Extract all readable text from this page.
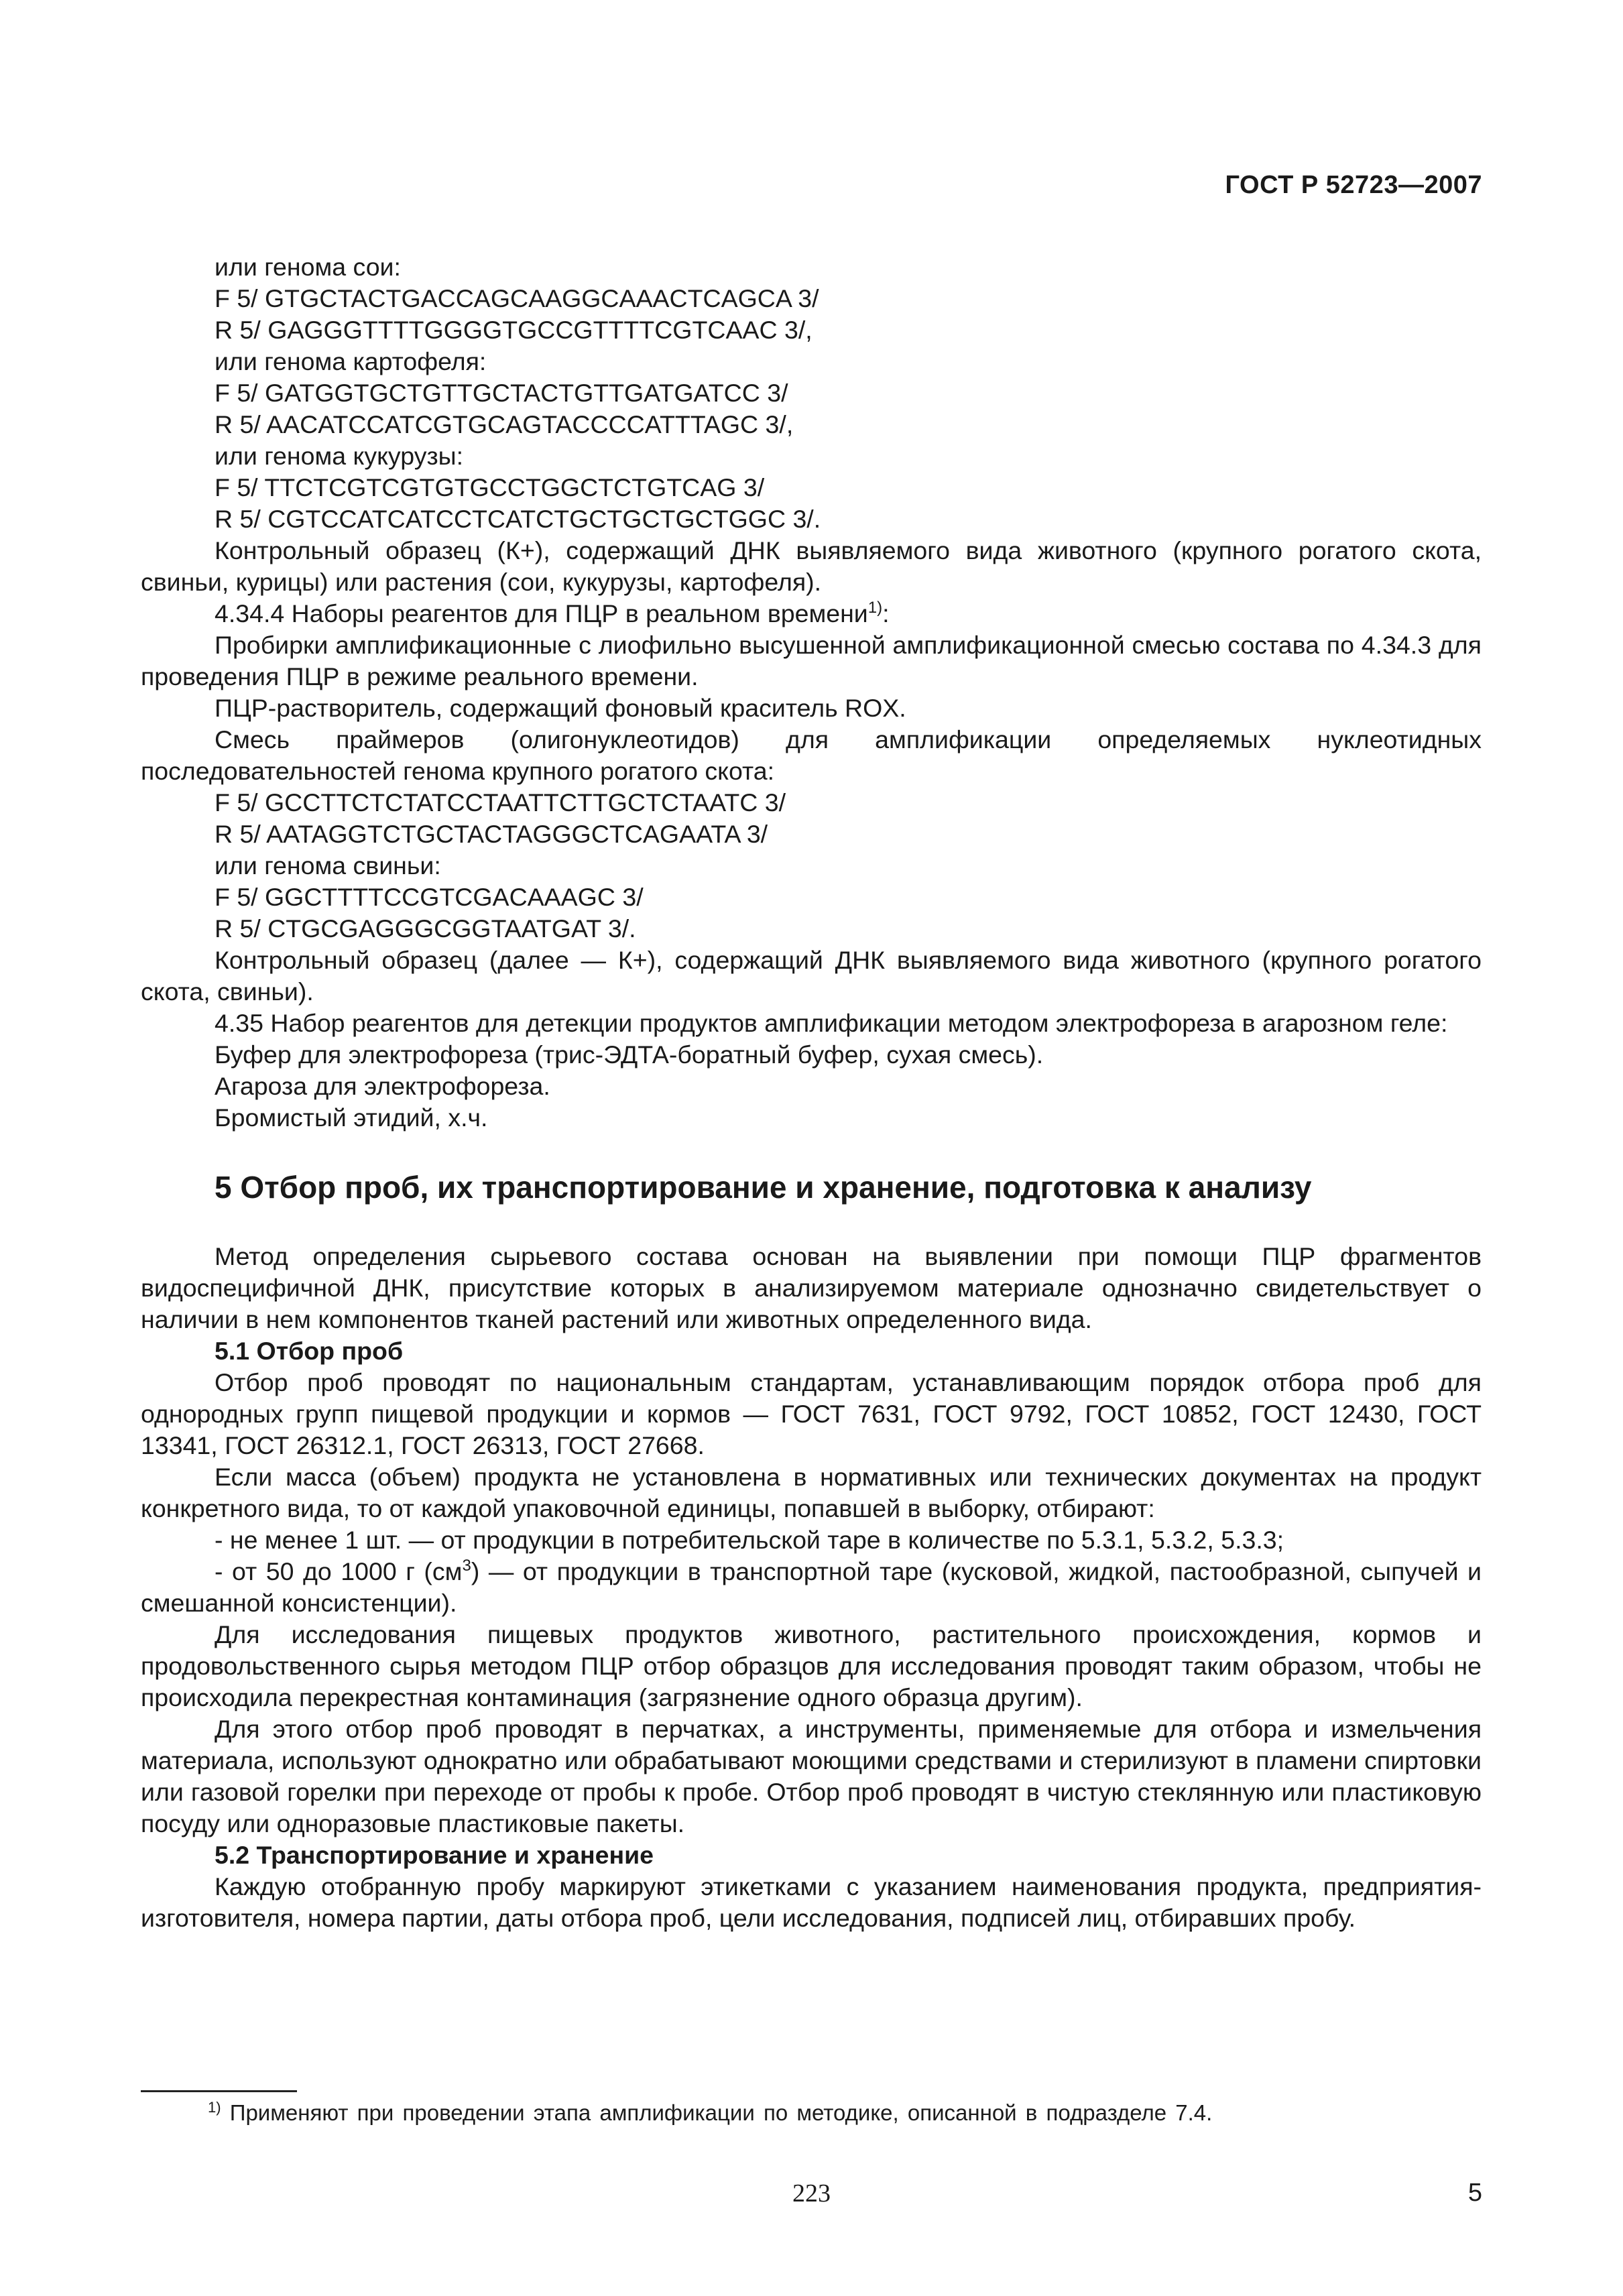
ГОСТ Р 52723—2007

или генома сои:

F 5/ GTGCTACTGACCAGCAAGGCAAACTCAGCA 3/

R 5/ GAGGGTTTTGGGGTGCCGTTTTCGTCAAC 3/,

или генома картофеля:

F 5/ GATGGTGCTGTTGCTACTGTTGATGATCC 3/

R 5/ AACATCCATCGTGCAGTACCCCATTTAGC 3/,

или генома кукурузы:

F 5/ TTCTCGTCGTGTGCCTGGCTCTGTCAG 3/

R 5/ CGTCCATCATCCTCATCTGCTGCTGCTGGC 3/.

Контрольный образец (К+), содержащий ДНК выявляемого вида животного (крупного рогатого скота, свиньи, курицы) или растения (сои, кукурузы, картофеля).

4.34.4 Наборы реагентов для ПЦР в реальном времени$^{1)}$:

Пробирки амплификационные с лиофильно высушенной амплификационной смесью состава по 4.34.3 для проведения ПЦР в режиме реального времени.

ПЦР-растворитель, содержащий фоновый краситель ROX.

Смесь праймеров (олигонуклеотидов) для амплификации определяемых нуклеотидных последовательностей генома крупного рогатого скота:

F 5/ GCCTTCTCTATCCTAATTCTTGCTCTAATC 3/

R 5/ AATAGGTCTGCTACTAGGGCTCAGAATA 3/

или генома свиньи:

F 5/ GGCTTTTCCGTCGACAAAGC 3/

R 5/ CTGCGAGGGCGGTAATGAT 3/.

Контрольный образец (далее — К+), содержащий ДНК выявляемого вида животного (крупного рогатого скота, свиньи).

4.35 Набор реагентов для детекции продуктов амплификации методом электрофореза в агарозном геле:

Буфер для электрофореза (трис-ЭДТА-боратный буфер, сухая смесь).

Агароза для электрофореза.

Бромистый этидий, х.ч.

5 Отбор проб, их транспортирование и хранение, подготовка к анализу

Метод определения сырьевого состава основан на выявлении при помощи ПЦР фрагментов видоспецифичной ДНК, присутствие которых в анализируемом материале однозначно свидетельствует о наличии в нем компонентов тканей растений или животных определенного вида.

5.1 Отбор проб

Отбор проб проводят по национальным стандартам, устанавливающим порядок отбора проб для однородных групп пищевой продукции и кормов — ГОСТ 7631, ГОСТ 9792, ГОСТ 10852, ГОСТ 12430, ГОСТ 13341, ГОСТ 26312.1, ГОСТ 26313, ГОСТ 27668.

Если масса (объем) продукта не установлена в нормативных или технических документах на продукт конкретного вида, то от каждой упаковочной единицы, попавшей в выборку, отбирают:

- не менее 1 шт. — от продукции в потребительской таре в количестве по 5.3.1, 5.3.2, 5.3.3;

- от 50 до 1000 г $(см^3)$ — от продукции в транспортной таре (кусковой, жидкой, пастообразной, сыпучей и смешанной консистенции).

Для исследования пищевых продуктов животного, растительного происхождения, кормов и продовольственного сырья методом ПЦР отбор образцов для исследования проводят таким образом, чтобы не происходила перекрестная контаминация (загрязнение одного образца другим).

Для этого отбор проб проводят в перчатках, а инструменты, применяемые для отбора и измельчения материала, используют однократно или обрабатывают моющими средствами и стерилизуют в пламени спиртовки или газовой горелки при переходе от пробы к пробе. Отбор проб проводят в чистую стеклянную или пластиковую посуду или одноразовые пластиковые пакеты.

5.2 Транспортирование и хранение

Каждую отобранную пробу маркируют этикетками с указанием наименования продукта, предприятия-изготовителя, номера партии, даты отбора проб, цели исследования, подписей лиц, отбиравших пробу.

$^{1)}$ Применяют при проведении этапа амплификации по методике, описанной в подразделе 7.4.
223	5
